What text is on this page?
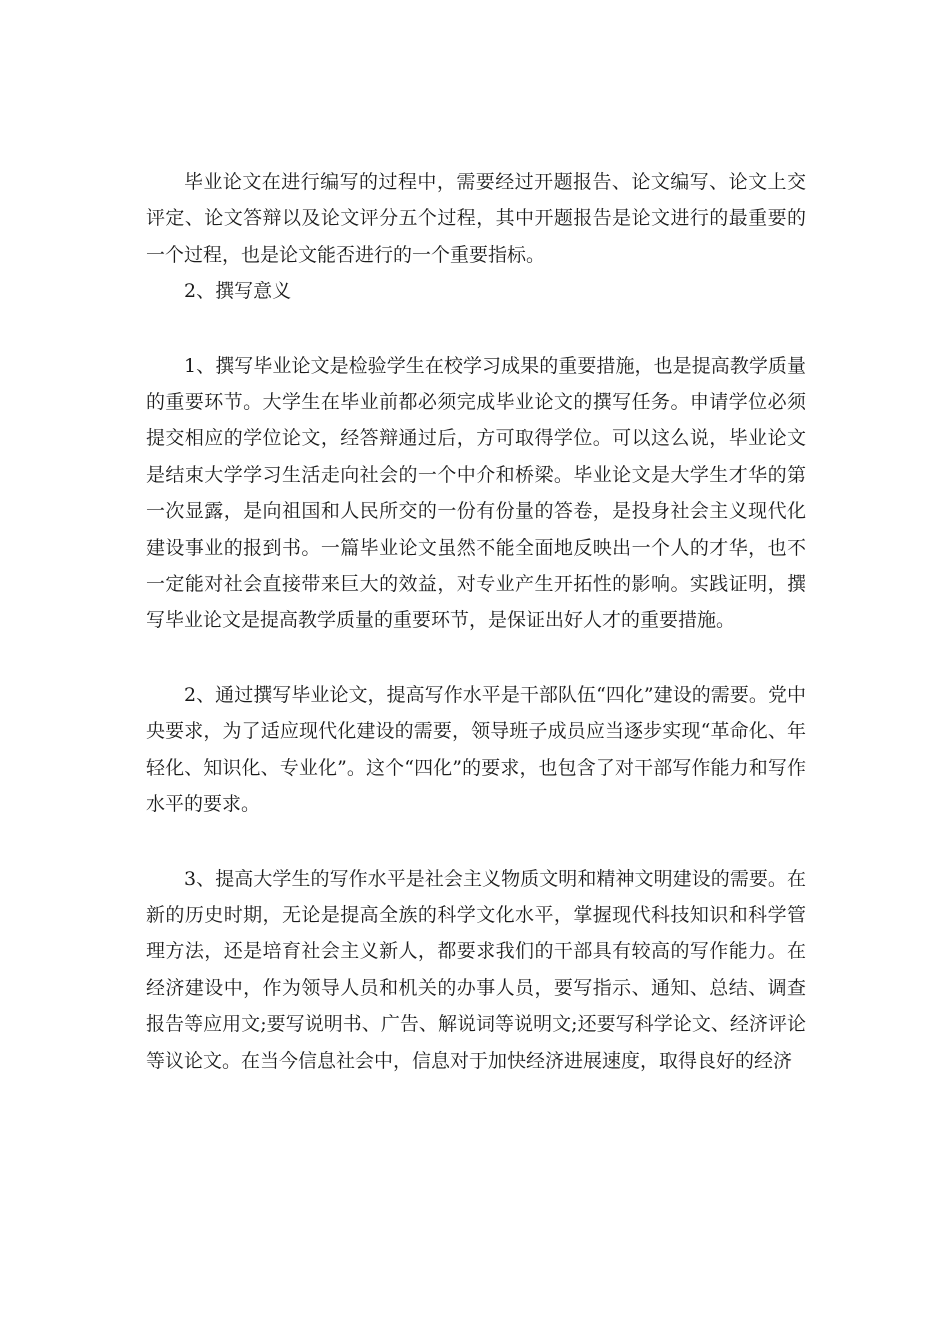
毕业论文在进行编写的过程中，需要经过开题报告、论文编写、论文上交评定、论文答辩以及论文评分五个过程，其中开题报告是论文进行的最重要的一个过程，也是论文能否进行的一个重要指标。

2、撰写意义

1、撰写毕业论文是检验学生在校学习成果的重要措施，也是提高教学质量的重要环节。大学生在毕业前都必须完成毕业论文的撰写任务。申请学位必须提交相应的学位论文，经答辩通过后，方可取得学位。可以这么说，毕业论文是结束大学学习生活走向社会的一个中介和桥梁。毕业论文是大学生才华的第一次显露，是向祖国和人民所交的一份有份量的答卷，是投身社会主义现代化建设事业的报到书。一篇毕业论文虽然不能全面地反映出一个人的才华，也不一定能对社会直接带来巨大的效益，对专业产生开拓性的影响。实践证明，撰写毕业论文是提高教学质量的重要环节，是保证出好人才的重要措施。

2、通过撰写毕业论文，提高写作水平是干部队伍“四化”建设的需要。党中央要求，为了适应现代化建设的需要，领导班子成员应当逐步实现“革命化、年轻化、知识化、专业化”。这个“四化”的要求，也包含了对干部写作能力和写作水平的要求。

3、提高大学生的写作水平是社会主义物质文明和精神文明建设的需要。在新的历史时期，无论是提高全族的科学文化水平，掌握现代科技知识和科学管理方法，还是培育社会主义新人，都要求我们的干部具有较高的写作能力。在经济建设中，作为领导人员和机关的办事人员，要写指示、通知、总结、调查报告等应用文;要写说明书、广告、解说词等说明文;还要写科学论文、经济评论等议论文。在当今信息社会中，信息对于加快经济进展速度，取得良好的经济
